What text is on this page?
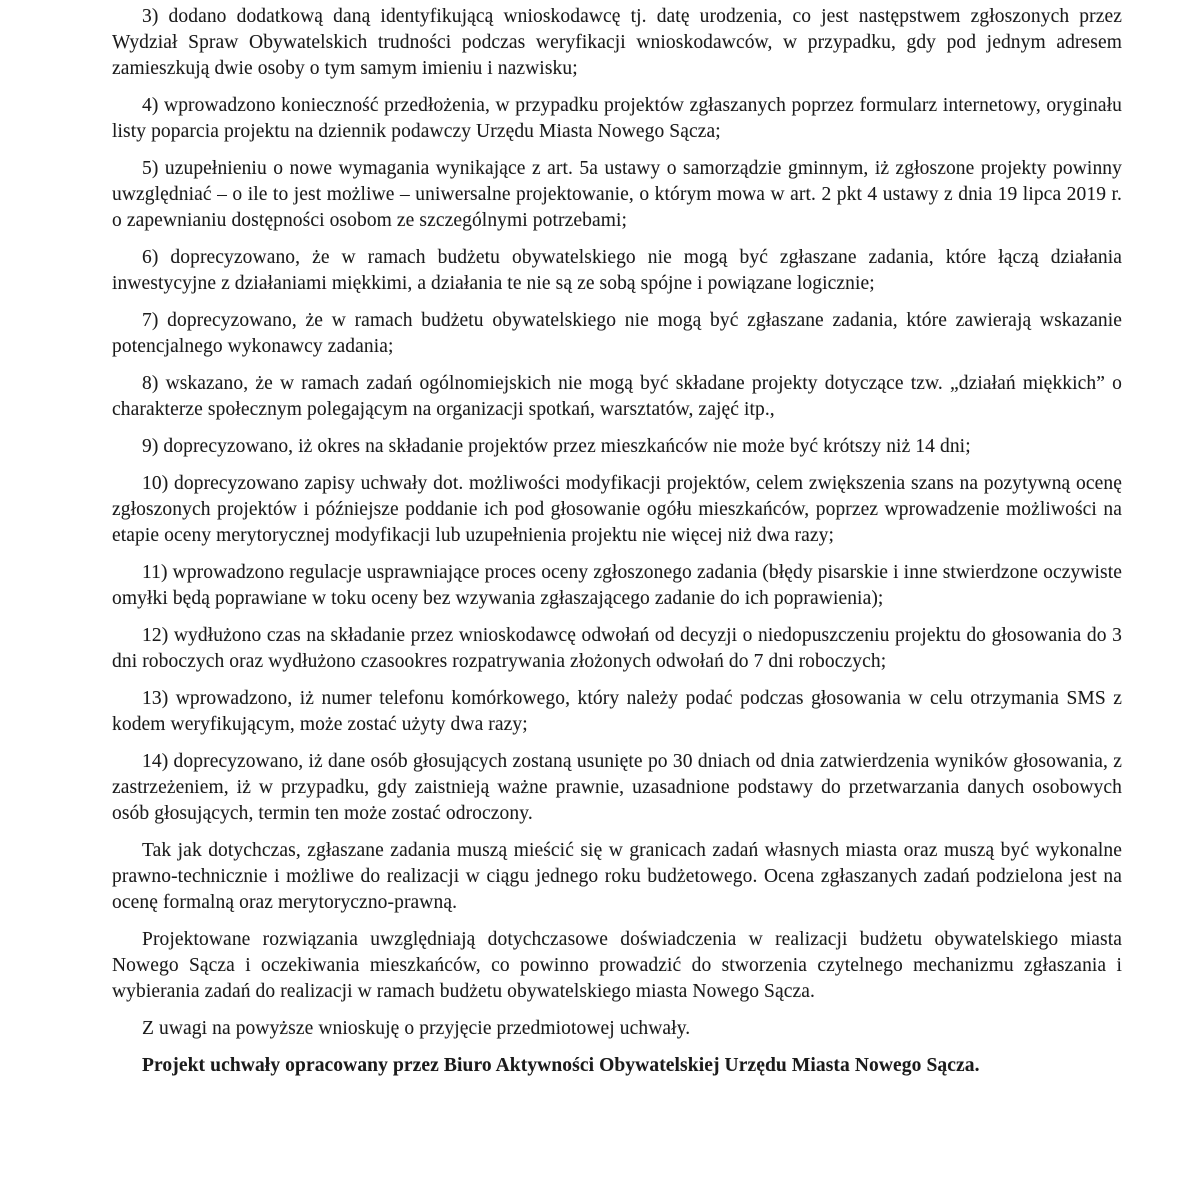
3) dodano dodatkową daną identyfikującą wnioskodawcę tj. datę urodzenia, co jest następstwem zgłoszonych przez Wydział Spraw Obywatelskich trudności podczas weryfikacji wnioskodawców, w przypadku, gdy pod jednym adresem zamieszkują dwie osoby o tym samym imieniu i nazwisku;

4) wprowadzono konieczność przedłożenia, w przypadku projektów zgłaszanych poprzez formularz internetowy, oryginału listy poparcia projektu na dziennik podawczy Urzędu Miasta Nowego Sącza;

5) uzupełnieniu o nowe wymagania wynikające z art. 5a ustawy o samorządzie gminnym, iż zgłoszone projekty powinny uwzględniać – o ile to jest możliwe – uniwersalne projektowanie, o którym mowa w art. 2 pkt 4 ustawy z dnia 19 lipca 2019 r. o zapewnianiu dostępności osobom ze szczególnymi potrzebami;

6) doprecyzowano, że w ramach budżetu obywatelskiego nie mogą być zgłaszane zadania, które łączą działania inwestycyjne z działaniami miękkimi, a działania te nie są ze sobą spójne i powiązane logicznie;

7) doprecyzowano, że w ramach budżetu obywatelskiego nie mogą być zgłaszane zadania, które zawierają wskazanie potencjalnego wykonawcy zadania;

8) wskazano, że w ramach zadań ogólnomiejskich nie mogą być składane projekty dotyczące tzw. „działań miękkich” o charakterze społecznym polegającym na organizacji spotkań, warsztatów, zajęć itp.,

9) doprecyzowano, iż okres na składanie projektów przez mieszkańców nie może być krótszy niż 14 dni;

10) doprecyzowano zapisy uchwały dot. możliwości modyfikacji projektów, celem zwiększenia szans na pozytywną ocenę zgłoszonych projektów i późniejsze poddanie ich pod głosowanie ogółu mieszkańców, poprzez wprowadzenie możliwości na etapie oceny merytorycznej modyfikacji lub uzupełnienia projektu nie więcej niż dwa razy;

11) wprowadzono regulacje usprawniające proces oceny zgłoszonego zadania (błędy pisarskie i inne stwierdzone oczywiste omyłki będą poprawiane w toku oceny bez wzywania zgłaszającego zadanie do ich poprawienia);

12) wydłużono czas na składanie przez wnioskodawcę odwołań od decyzji o niedopuszczeniu projektu do głosowania do 3 dni roboczych oraz wydłużono czasookres rozpatrywania złożonych odwołań do 7 dni roboczych;

13) wprowadzono, iż numer telefonu komórkowego, który należy podać podczas głosowania w celu otrzymania SMS z kodem weryfikującym, może zostać użyty dwa razy;

14) doprecyzowano, iż dane osób głosujących zostaną usunięte po 30 dniach od dnia zatwierdzenia wyników głosowania, z zastrzeżeniem, iż w przypadku, gdy zaistnieją ważne prawnie, uzasadnione podstawy do przetwarzania danych osobowych osób głosujących, termin ten może zostać odroczony.

Tak jak dotychczas, zgłaszane zadania muszą mieścić się w granicach zadań własnych miasta oraz muszą być wykonalne prawno-technicznie i możliwe do realizacji w ciągu jednego roku budżetowego. Ocena zgłaszanych zadań podzielona jest na ocenę formalną oraz merytoryczno-prawną.

Projektowane rozwiązania uwzględniają dotychczasowe doświadczenia w realizacji budżetu obywatelskiego miasta Nowego Sącza i oczekiwania mieszkańców, co powinno prowadzić do stworzenia czytelnego mechanizmu zgłaszania i wybierania zadań do realizacji w ramach budżetu obywatelskiego miasta Nowego Sącza.

Z uwagi na powyższe wnioskuję o przyjęcie przedmiotowej uchwały.

Projekt uchwały opracowany przez Biuro Aktywności Obywatelskiej Urzędu Miasta Nowego Sącza.
